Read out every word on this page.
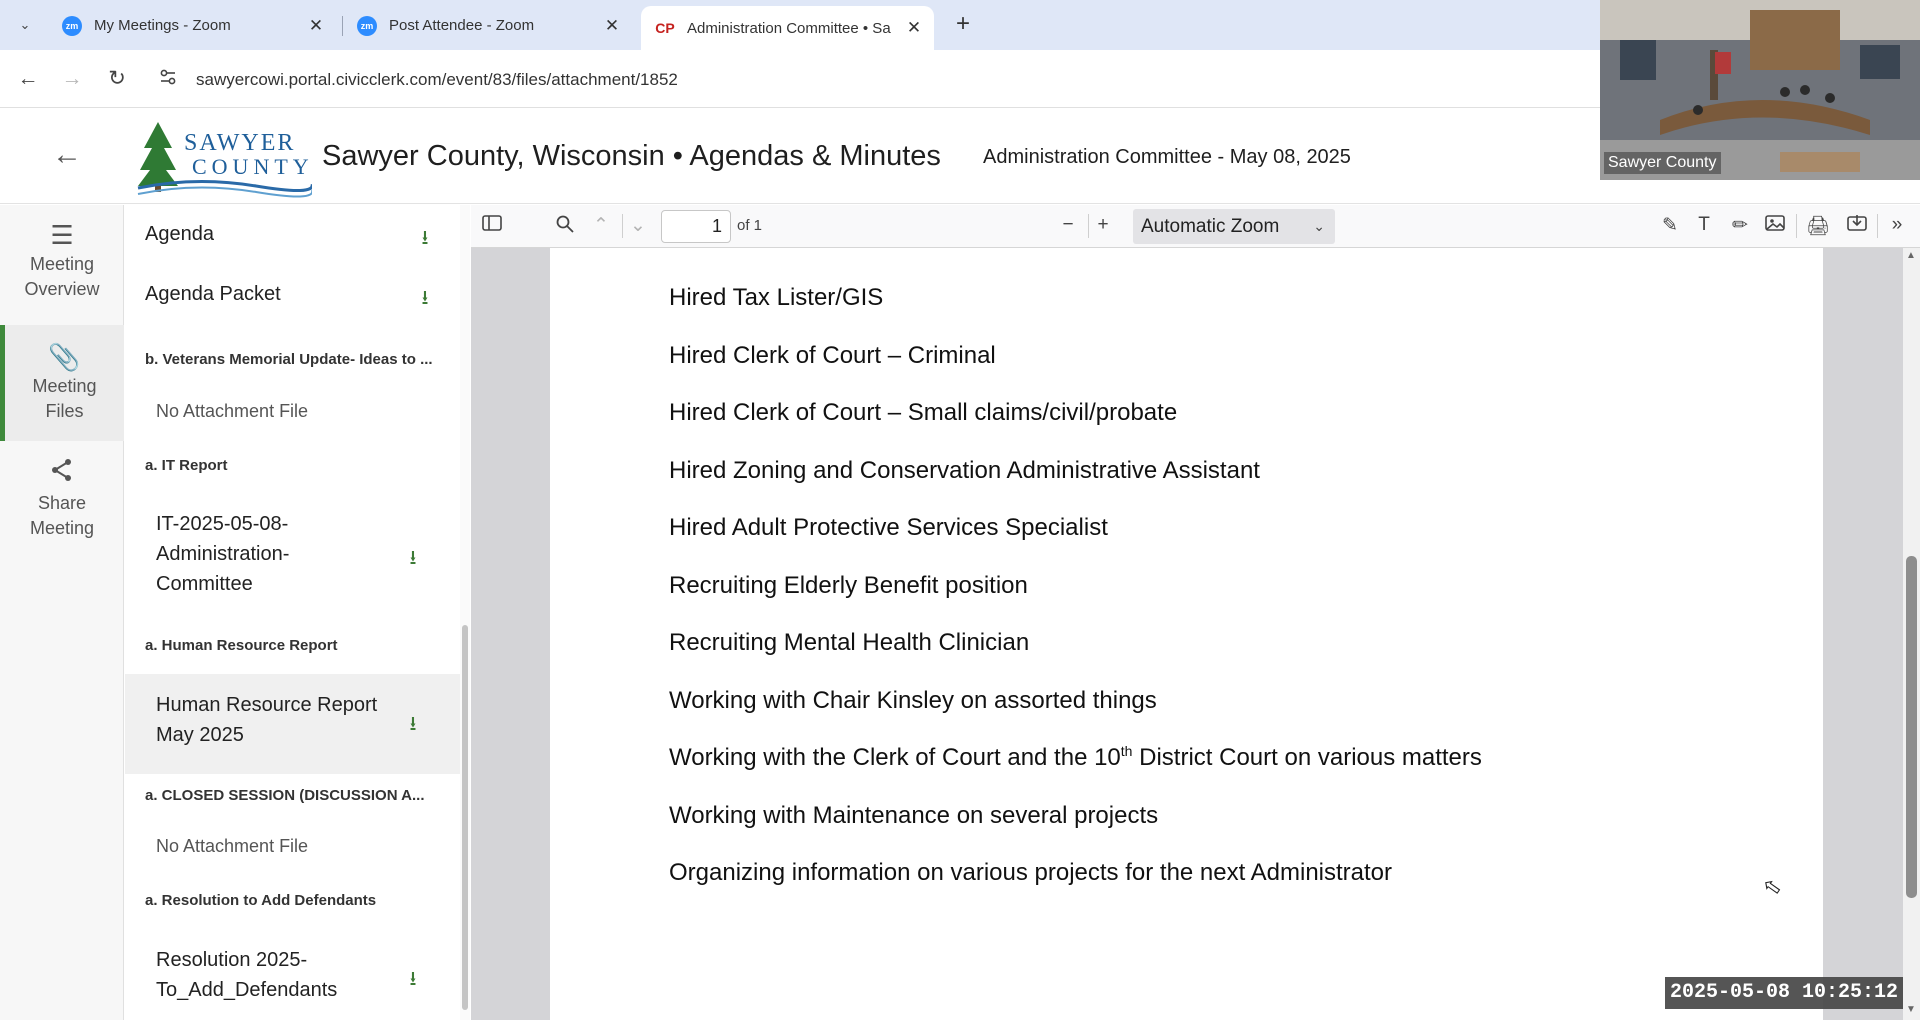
⌄	zm My Meetings - Zoom	✕	zm Post Attendee - Zoom	✕	CP Administration Committee • Sa ✕	+
← → ↻	sawyercowi.portal.civicclerk.com/event/83/files/attachment/1852
←	SAWYER
COUNTY Sawyer County, Wisconsin • Agendas & Minutes Administration Committee - May 08, 2025	Sawyer County
☰
Meeting
Overview
📎
Meeting
Files
Share
Meeting
Agenda	⭳
Agenda Packet	⭳
b. Veterans Memorial Update- Ideas to ...
No Attachment File
a. IT Report
IT-2025-05-08-
Administration-
Committee
⭳
a. Human Resource Report
Human Resource Report
May 2025	⭳
a. CLOSED SESSION (DISCUSSION A...
No Attachment File
a. Resolution to Add Defendants
Resolution 2025-
To_Add_Defendants	⭳
⌃ ⌄	1	of 1	−	+	Automatic Zoom ⌄	✎	T	✏	🖨	»
Hired Tax Lister/GIS
Hired Clerk of Court – Criminal
Hired Clerk of Court – Small claims/civil/probate
Hired Zoning and Conservation Administrative Assistant
Hired Adult Protective Services Specialist
Recruiting Elderly Benefit position
Recruiting Mental Health Clinician
Working with Chair Kinsley on assorted things
Working with the Clerk of Court and the 10th District Court on various matters
Working with Maintenance on several projects
Organizing information on various projects for the next Administrator
▲
▼
⬁
2025-05-08 10:25:12
